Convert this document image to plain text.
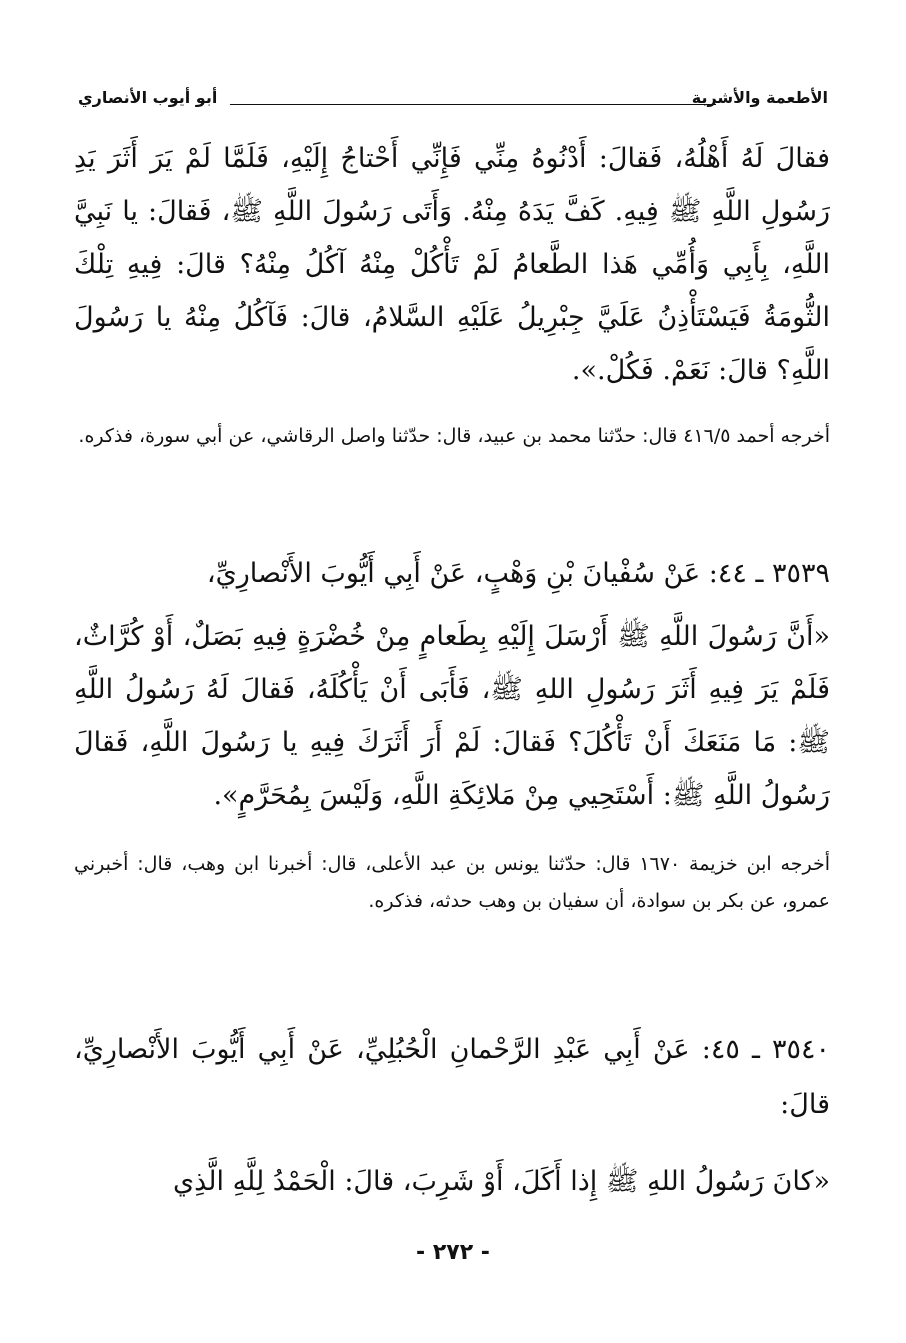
الأطعمة والأشربة
أبو أيوب الأنصاري
فقالَ لَهُ أَهْلُهُ، فَقالَ: أَدْنُوهُ مِنِّي فَإِنِّي أَحْتاجُ إِلَيْهِ، فَلَمَّا لَمْ يَرَ أَثَرَ يَدِ رَسُولِ اللَّهِ ﷺ فِيهِ. كَفَّ يَدَهُ مِنْهُ. وَأَتَى رَسُولَ اللَّهِ ﷺ، فَقالَ: يا نَبِيَّ اللَّهِ، بِأَبِي وَأُمِّي هَذا الطَّعامُ لَمْ تَأْكُلْ مِنْهُ آكُلُ مِنْهُ؟ قالَ: فِيهِ تِلْكَ الثُّومَةُ فَيَسْتَأْذِنُ عَلَيَّ جِبْرِيلُ عَلَيْهِ السَّلامُ، قالَ: فَآكُلُ مِنْهُ يا رَسُولَ اللَّهِ؟ قالَ: نَعَمْ. فَكُلْ.».
أخرجه أحمد ٤١٦/٥ قال: حدّثنا محمد بن عبيد، قال: حدّثنا واصل الرقاشي، عن أبي سورة، فذكره.
٣٥٣٩ ـ ٤٤: عَنْ سُفْيانَ بْنِ وَهْبٍ، عَنْ أَبِي أَيُّوبَ الأَنْصارِيِّ،
«أَنَّ رَسُولَ اللَّهِ ﷺ أَرْسَلَ إِلَيْهِ بِطَعامٍ مِنْ خُضْرَةٍ فِيهِ بَصَلٌ، أَوْ كُرَّاثٌ، فَلَمْ يَرَ فِيهِ أَثَرَ رَسُولِ اللهِ ﷺ، فَأَبَى أَنْ يَأْكُلَهُ، فَقالَ لَهُ رَسُولُ اللَّهِ ﷺ: مَا مَنَعَكَ أَنْ تَأْكُلَ؟ فَقالَ: لَمْ أَرَ أَثَرَكَ فِيهِ يا رَسُولَ اللَّهِ، فَقالَ رَسُولُ اللَّهِ ﷺ: أَسْتَحِيي مِنْ مَلائِكَةِ اللَّهِ، وَلَيْسَ بِمُحَرَّمٍ».
أخرجه ابن خزيمة ١٦٧٠ قال: حدّثنا يونس بن عبد الأعلى، قال: أخبرنا ابن وهب، قال: أخبرني عمرو، عن بكر بن سوادة، أن سفيان بن وهب حدثه، فذكره.
٣٥٤٠ ـ ٤٥: عَنْ أَبِي عَبْدِ الرَّحْمانِ الْحُبُلِيِّ، عَنْ أَبِي أَيُّوبَ الأَنْصارِيِّ، قالَ:
«كانَ رَسُولُ اللهِ ﷺ إِذا أَكَلَ، أَوْ شَرِبَ، قالَ: الْحَمْدُ لِلَّهِ الَّذِي
- ٢٧٢ -
